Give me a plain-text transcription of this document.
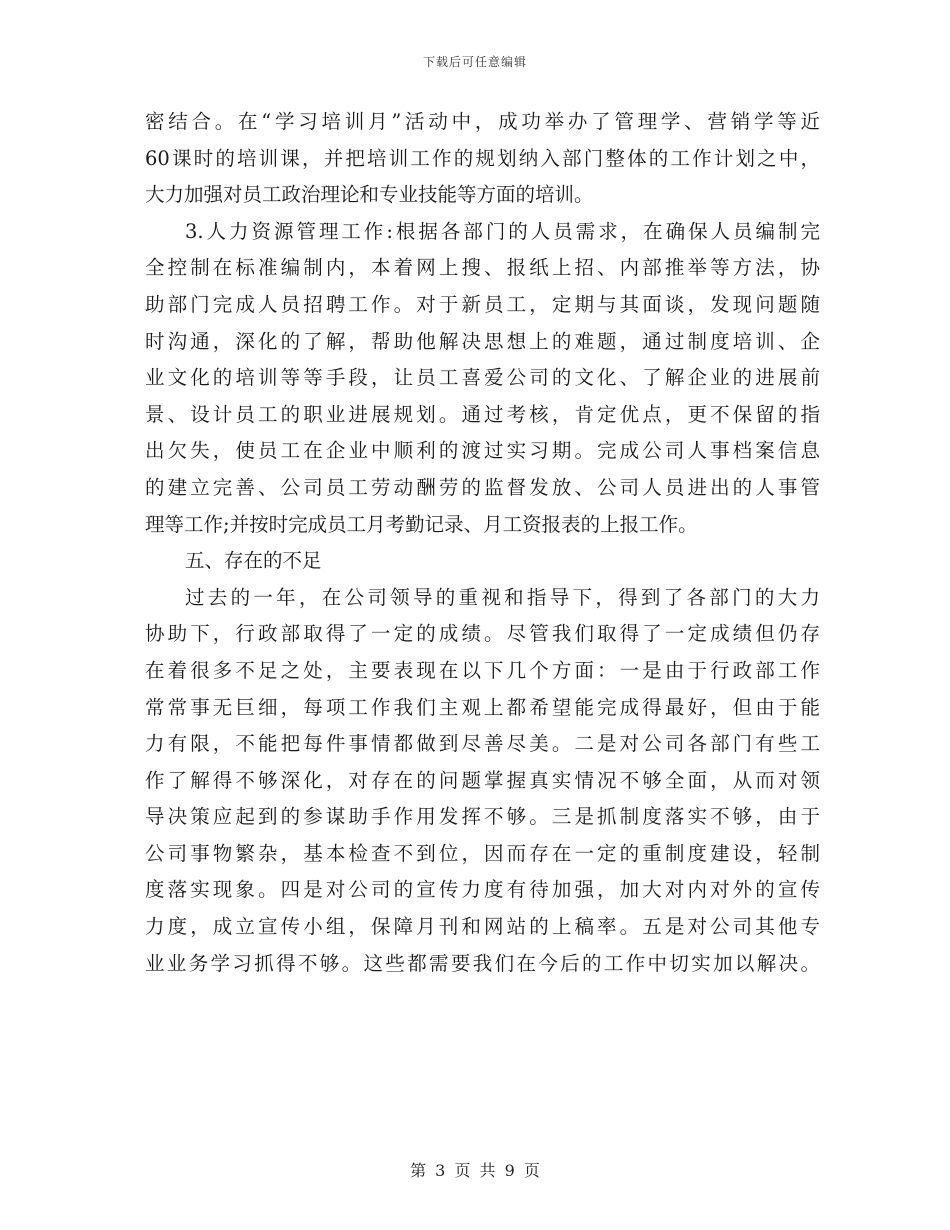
下载后可任意编辑
密结合。在“学习培训月”活动中，成功举办了管理学、营销学等近
60课时的培训课，并把培训工作的规划纳入部门整体的工作计划之中，
大力加强对员工政治理论和专业技能等方面的培训。
3.人力资源管理工作:根据各部门的人员需求，在确保人员编制完
全控制在标准编制内，本着网上搜、报纸上招、内部推举等方法，协
助部门完成人员招聘工作。对于新员工，定期与其面谈，发现问题随
时沟通，深化的了解，帮助他解决思想上的难题，通过制度培训、企
业文化的培训等等手段，让员工喜爱公司的文化、了解企业的进展前
景、设计员工的职业进展规划。通过考核，肯定优点，更不保留的指
出欠失，使员工在企业中顺利的渡过实习期。完成公司人事档案信息
的建立完善、公司员工劳动酬劳的监督发放、公司人员进出的人事管
理等工作;并按时完成员工月考勤记录、月工资报表的上报工作。
五、存在的不足
过去的一年，在公司领导的重视和指导下，得到了各部门的大力
协助下，行政部取得了一定的成绩。尽管我们取得了一定成绩但仍存
在着很多不足之处，主要表现在以下几个方面：一是由于行政部工作
常常事无巨细，每项工作我们主观上都希望能完成得最好，但由于能
力有限，不能把每件事情都做到尽善尽美。二是对公司各部门有些工
作了解得不够深化，对存在的问题掌握真实情况不够全面，从而对领
导决策应起到的参谋助手作用发挥不够。三是抓制度落实不够，由于
公司事物繁杂，基本检查不到位，因而存在一定的重制度建设，轻制
度落实现象。四是对公司的宣传力度有待加强，加大对内对外的宣传
力度，成立宣传小组，保障月刊和网站的上稿率。五是对公司其他专
业业务学习抓得不够。这些都需要我们在今后的工作中切实加以解决。
第 3 页 共 9 页
